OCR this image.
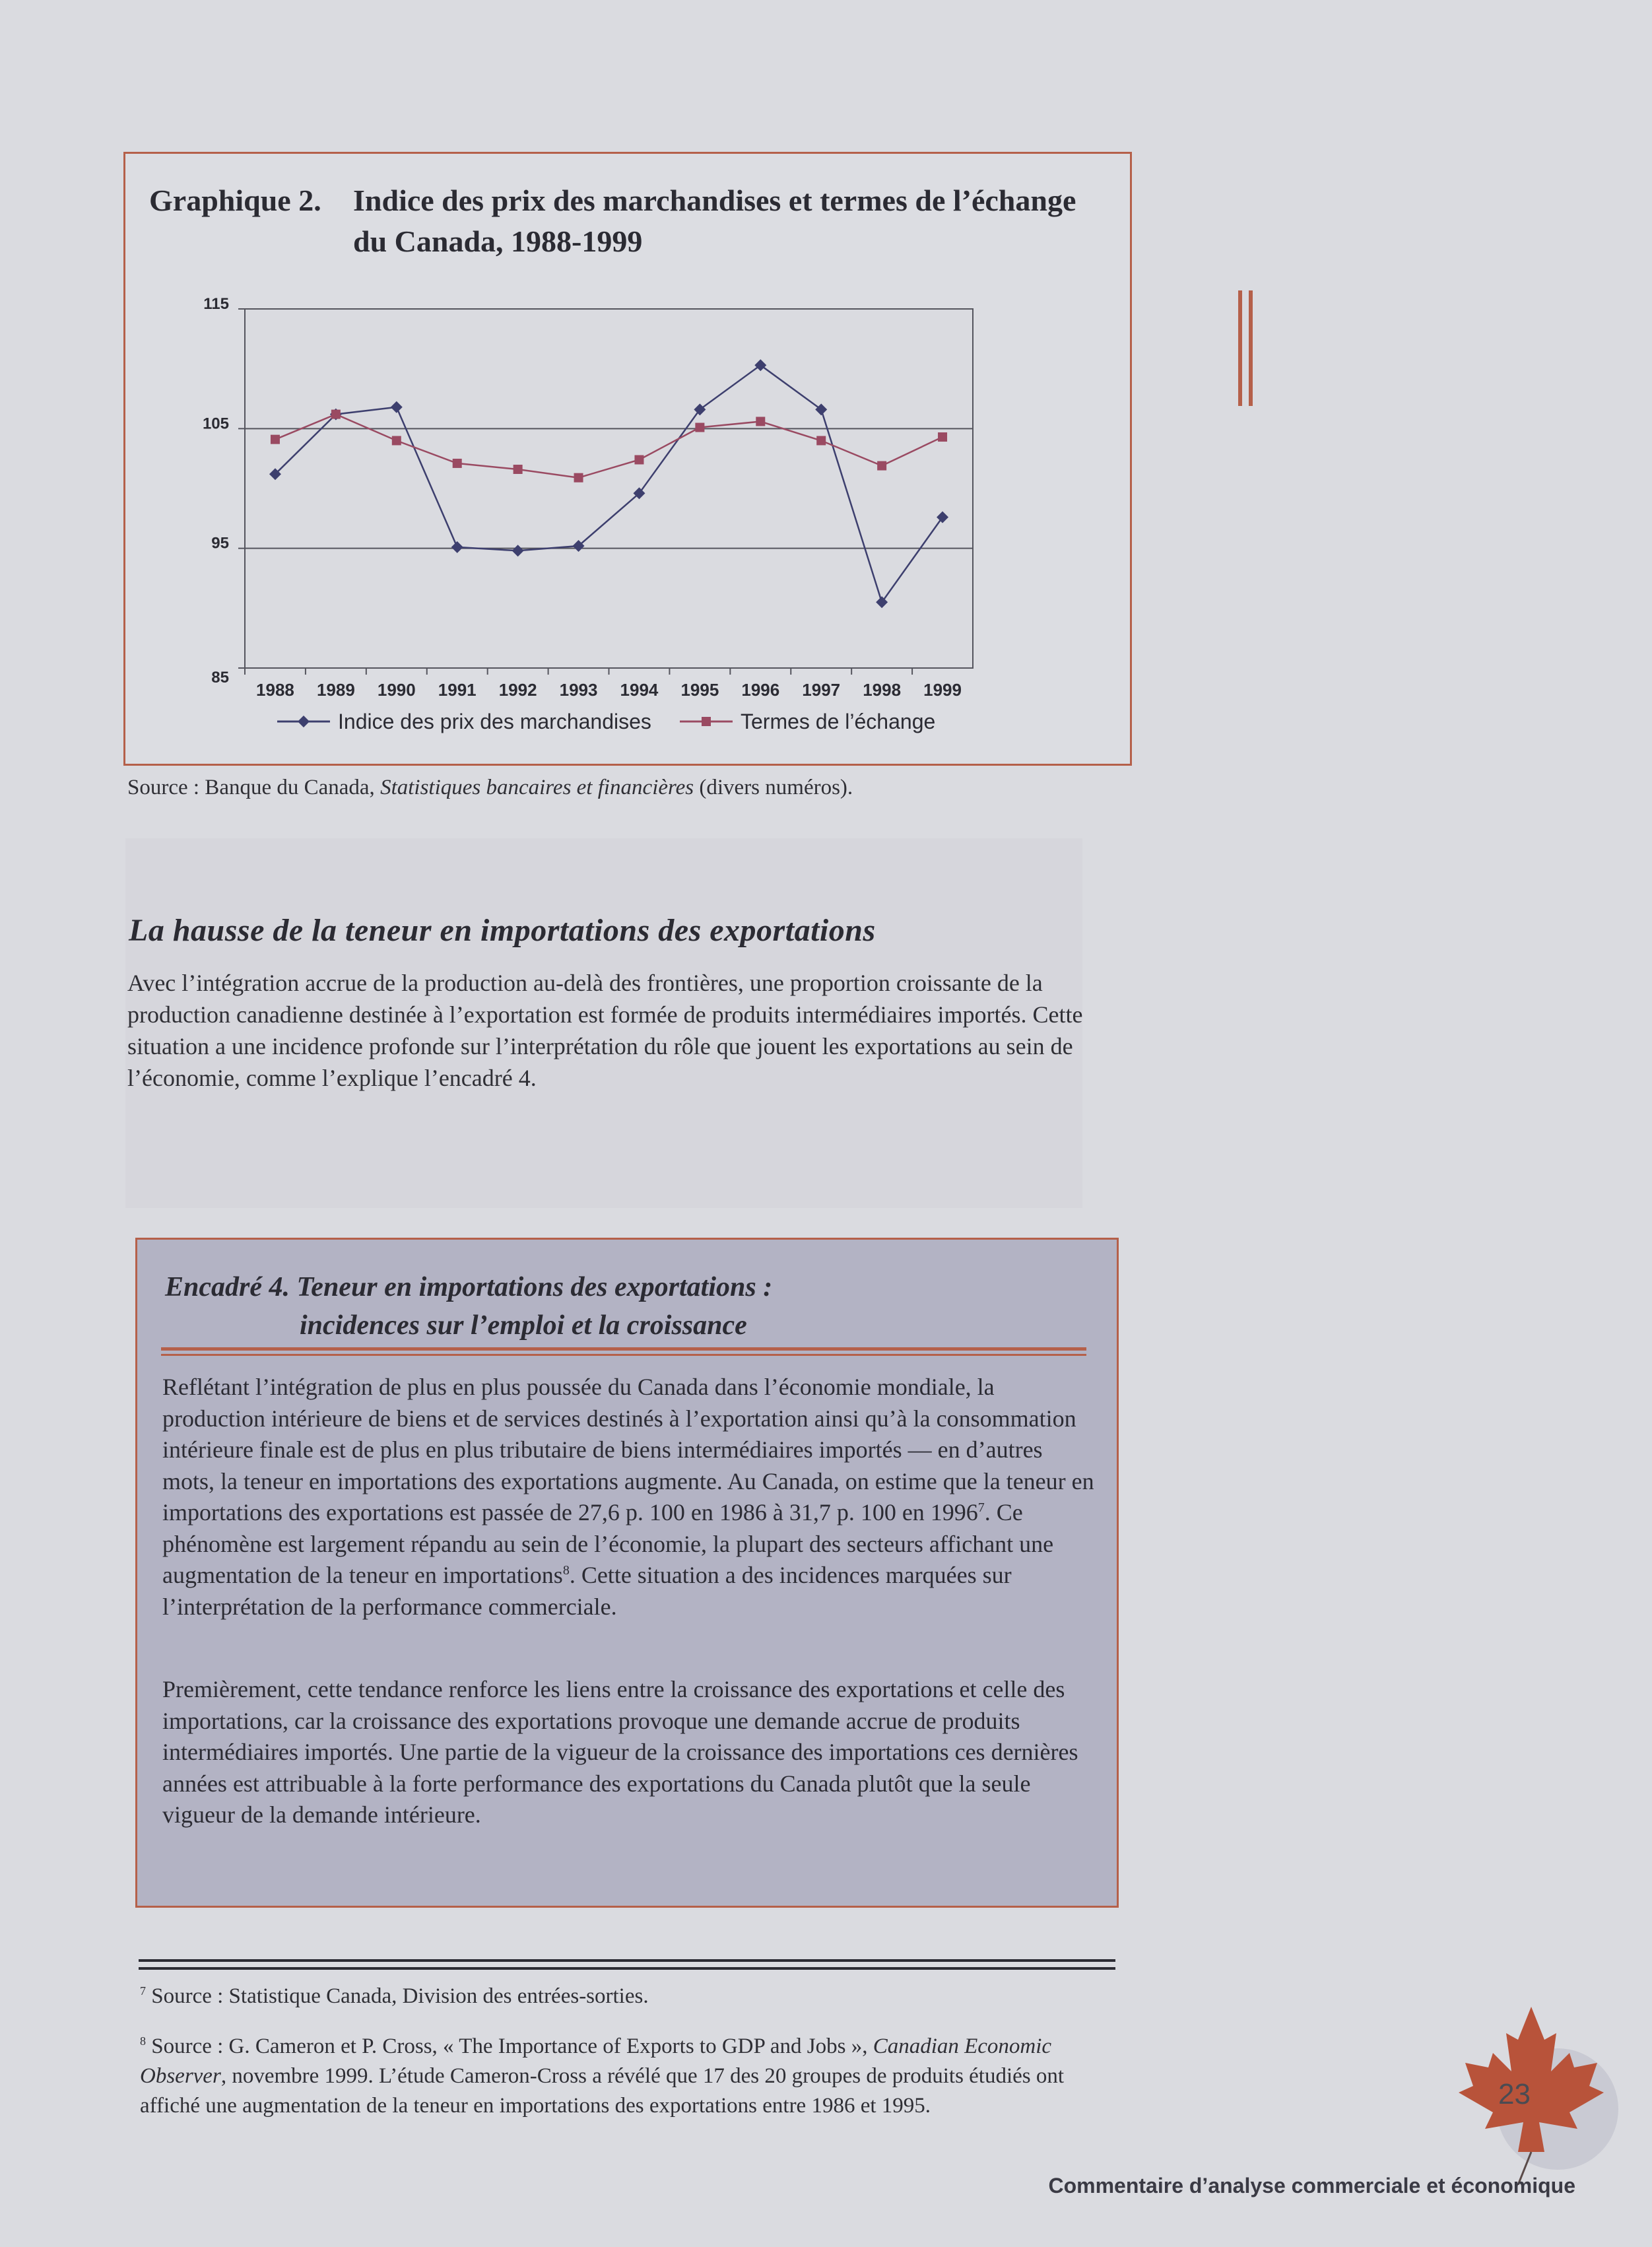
Graphique 2. Indice des prix des marchandises et termes de l’échange du Canada, 1988-1999
85
95
105
115
1988 1989 1990 1991 1992 1993 1994 1995 1996 1997 1998 1999
Indice des prix des marchandises	Termes de l’échange
Source : Banque du Canada, Statistiques bancaires et financières (divers numéros).
La hausse de la teneur en importations des exportations

Avec l’intégration accrue de la production au-delà des frontières, une proportion croissante de la production canadienne destinée à l’exportation est formée de produits intermédiaires importés. Cette situation a une incidence profonde sur l’interprétation du rôle que jouent les exportations au sein de l’économie, comme l’explique l’encadré 4.

Encadré 4. Teneur en importations des exportations :
incidences sur l’emploi et la croissance

Reflétant l’intégration de plus en plus poussée du Canada dans l’économie mondiale, la production intérieure de biens et de services destinés à l’exportation ainsi qu’à la consommation intérieure finale est de plus en plus tributaire de biens intermédiaires importés — en d’autres mots, la teneur en importations des exportations augmente. Au Canada, on estime que la teneur en importations des exportations est passée de 27,6 p. 100 en 1986 à 31,7 p. 100 en 1996$^7$. Ce phénomène est largement répandu au sein de l’économie, la plupart des secteurs affichant une augmentation de la teneur en importations$^8$. Cette situation a des incidences marquées sur l’interprétation de la performance commerciale.

Premièrement, cette tendance renforce les liens entre la croissance des exportations et celle des importations, car la croissance des exportations provoque une demande accrue de produits intermédiaires importés. Une partie de la vigueur de la croissance des importations ces dernières années est attribuable à la forte performance des exportations du Canada plutôt que la seule vigueur de la demande intérieure.

$^7$ Source : Statistique Canada, Division des entrées-sorties.

$^8$ Source : G. Cameron et P. Cross, « The Importance of Exports to GDP and Jobs », Canadian Economic Observer, novembre 1999. L’étude Cameron-Cross a révélé que 17 des 20 groupes de produits étudiés ont affiché une augmentation de la teneur en importations des exportations entre 1986 et 1995.	23
Commentaire d’analyse commerciale et économique
